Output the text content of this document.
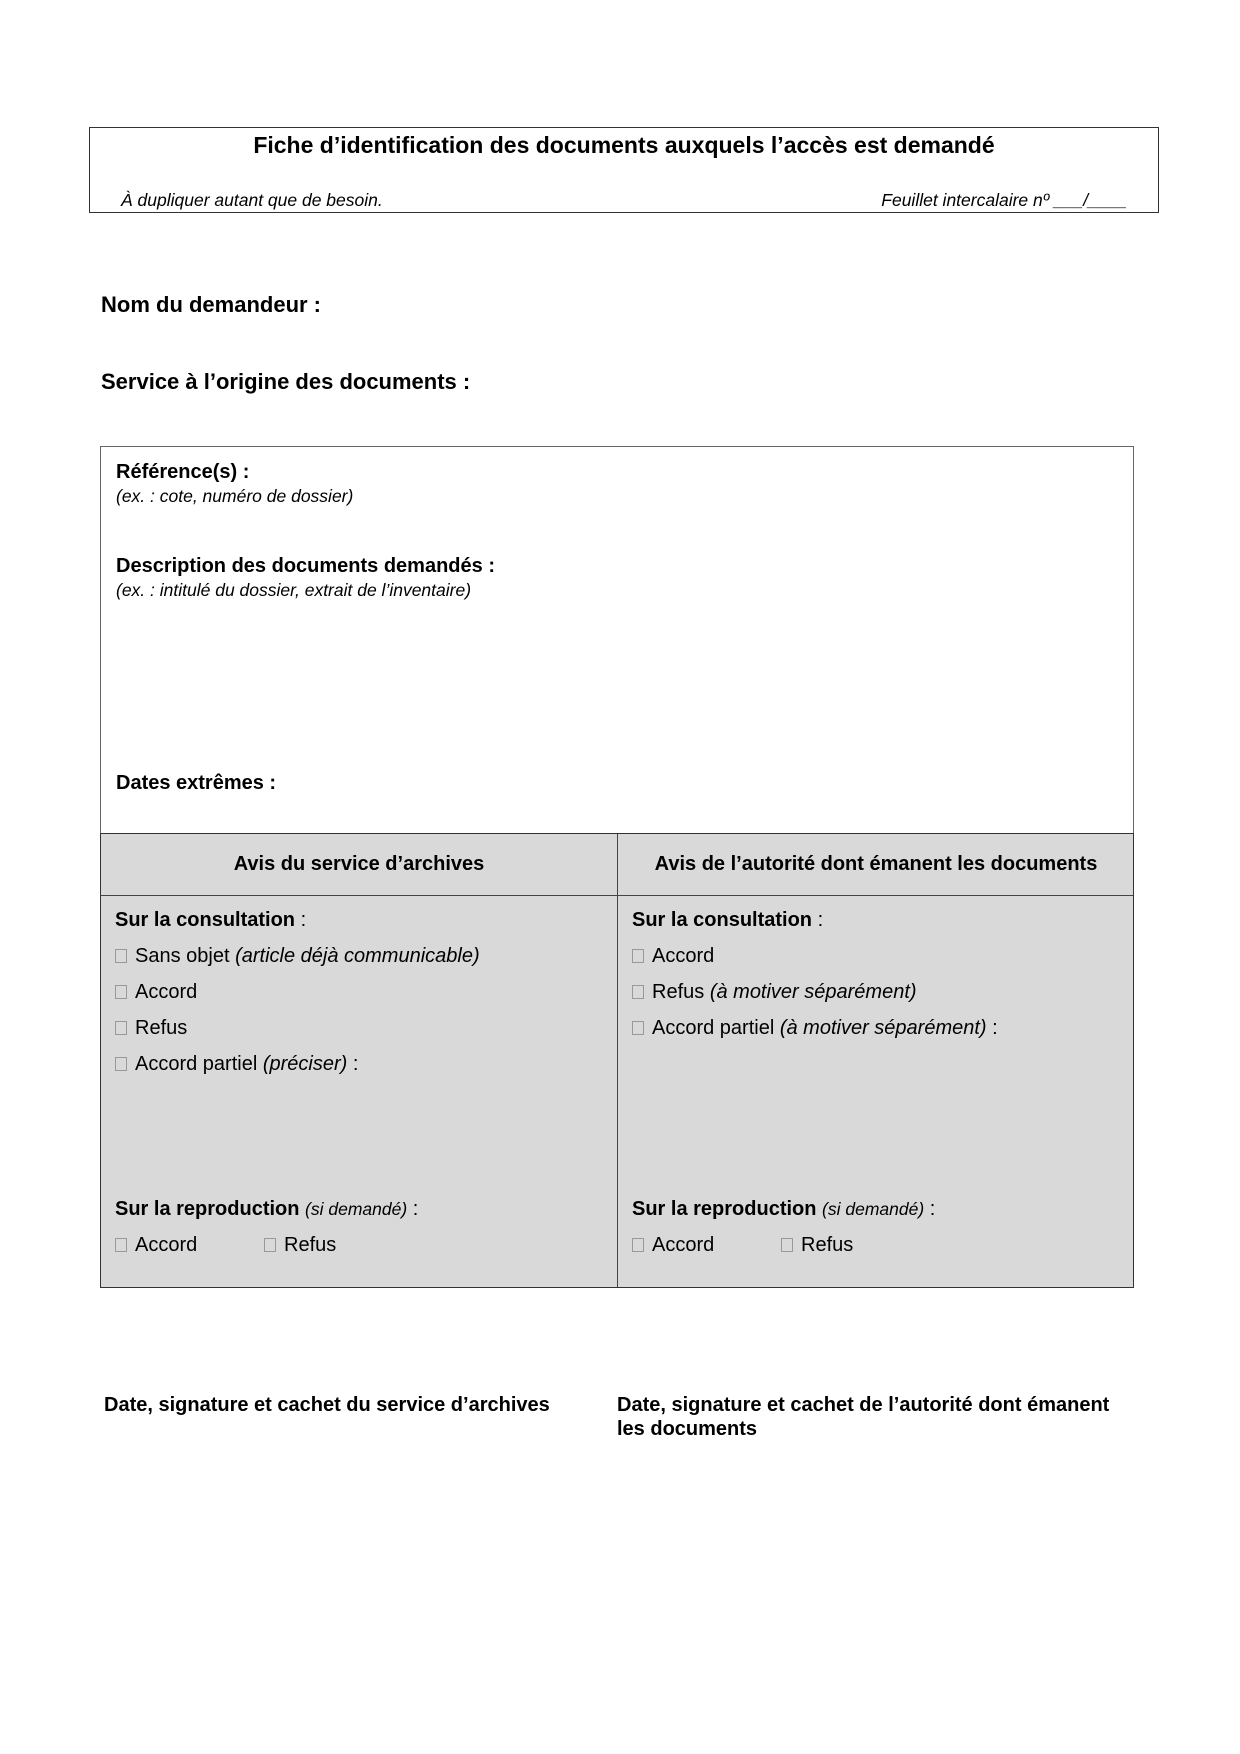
Fiche d’identification des documents auxquels l’accès est demandé
À dupliquer autant que de besoin.	Feuillet intercalaire nº ___/____
Nom du demandeur :
Service à l’origine des documents :
Référence(s) :
(ex. : cote, numéro de dossier)
Description des documents demandés :
(ex. : intitulé du dossier, extrait de l’inventaire)
Dates extrêmes :
Avis du service d’archives	Avis de l’autorité dont émanent les documents
Sur la consultation :
Sans objet (article déjà communicable)
Accord
Refus
Accord partiel (préciser) :
Sur la reproduction (si demandé) :
Accord	Refus
Sur la consultation :
Accord
Refus (à motiver séparément)
Accord partiel (à motiver séparément) :
Sur la reproduction (si demandé) :
Accord	Refus
Date, signature et cachet du service d’archives	Date, signature et cachet de l’autorité dont émanent les documents
